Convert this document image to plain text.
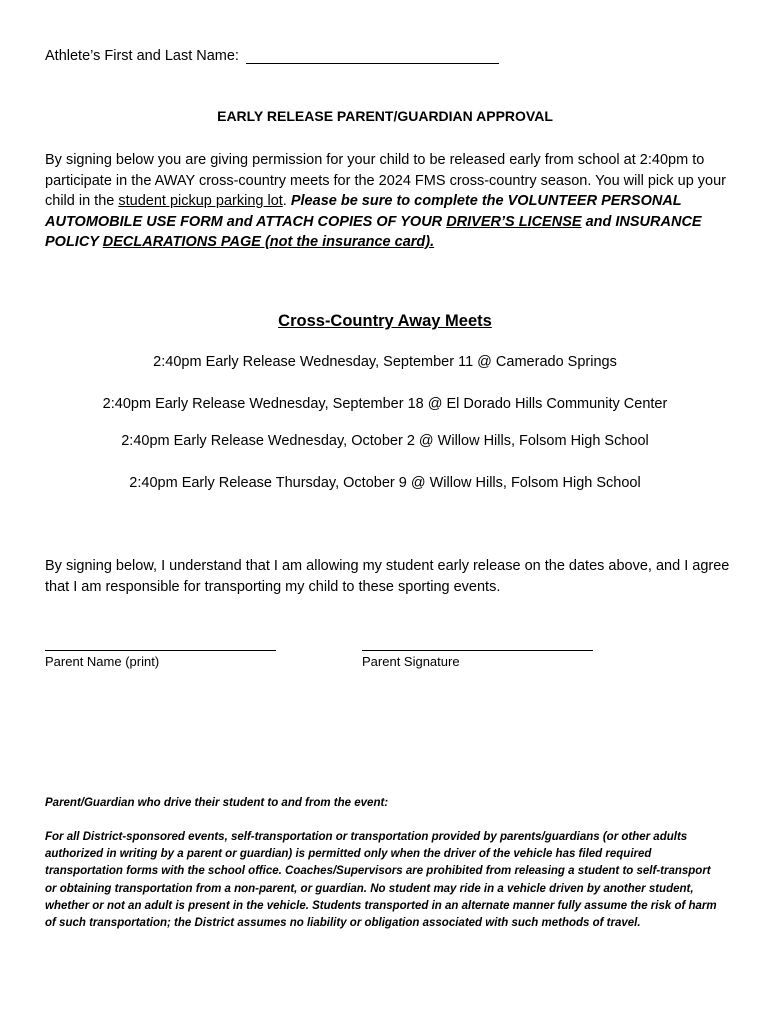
Athlete’s First and Last Name:
EARLY RELEASE PARENT/GUARDIAN APPROVAL
By signing below you are giving permission for your child to be released early from school at 2:40pm to participate in the AWAY cross-country meets for the 2024 FMS cross-country season. You will pick up your child in the student pickup parking lot. Please be sure to complete the VOLUNTEER PERSONAL AUTOMOBILE USE FORM and ATTACH COPIES OF YOUR DRIVER’S LICENSE and INSURANCE POLICY DECLARATIONS PAGE (not the insurance card).
Cross-Country Away Meets
2:40pm Early Release Wednesday, September 11 @ Camerado Springs
2:40pm Early Release Wednesday, September 18 @ El Dorado Hills Community Center
2:40pm Early Release Wednesday, October 2 @ Willow Hills, Folsom High School
2:40pm Early Release Thursday, October 9 @ Willow Hills, Folsom High School
By signing below, I understand that I am allowing my student early release on the dates above, and I agree that I am responsible for transporting my child to these sporting events.
Parent Name (print)	Parent Signature
Parent/Guardian who drive their student to and from the event:
For all District-sponsored events, self-transportation or transportation provided by parents/guardians (or other adults authorized in writing by a parent or guardian) is permitted only when the driver of the vehicle has filed required transportation forms with the school office. Coaches/Supervisors are prohibited from releasing a student to self-transport or obtaining transportation from a non-parent, or guardian. No student may ride in a vehicle driven by another student, whether or not an adult is present in the vehicle. Students transported in an alternate manner fully assume the risk of harm of such transportation; the District assumes no liability or obligation associated with such methods of travel.
